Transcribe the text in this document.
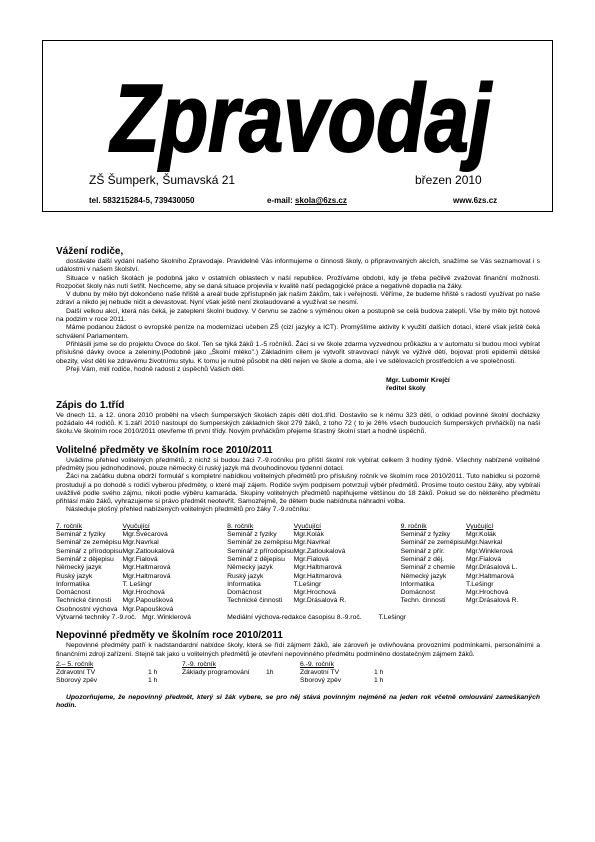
Zpravodaj
ZŠ Šumperk, Šumavská 21	březen 2010
tel. 583215284-5, 739430050	e-mail: skola@6zs.cz	www.6zs.cz
Vážení rodiče,

dostáváte další vydání našeho školního Zpravodaje. Pravidelně Vás informujeme o činnosti školy, o připravovaných akcích, snažíme se Vás seznamovat i s událostmi v našem školství.

Situace v našich školách je podobná jako v ostatních oblastech v naší republice. Prožíváme období, kdy je třeba pečlivě zvažovat finanční možnosti. Rozpočet školy nás nutí šetřit. Nechceme, aby se daná situace projevila v kvalitě naší pedagogické práce a negativně dopadla na žáky.

V dubnu by mělo být dokončeno naše hřiště a areál bude zpřístupněn jak našim žákům, tak i veřejnosti. Věříme, že budeme hřiště s radostí využívat po naše zdraví a nikdo jej nebude ničit a devastovat. Nyní však ještě není zkolaudované a využívat se nesmí.

Další velkou akcí, která nás čeká, je zateplení školní budovy. V červnu se začne s výměnou oken a postupně se celá budova zateplí. Vše by mělo být hotové na podzim v roce 2011.

Máme podanou žádost o evropské peníze na modernizaci učeben ZŠ (cizí jazyky a ICT). Promýšlíme aktivity k využití dalších dotací, které však ještě čeká schválení Parlamentem.

Přihlásili jsme se do projektu Ovoce do škol. Ten se týká žáků 1.-5 ročníků. Žáci si ve škole zdarma vyzvednou průkazku a v automatu si budou moci vybírat příslušné dávky ovoce a zeleniny.(Podobně jako „Školní mléko".) Základním cílem je vytvořit stravovací návyk ve výživě dětí, bojovat proti epidemii dětské obezity, vést děti ke zdravému životnímu stylu. K tomu je nutné působit na děti nejen ve škole a doma, ale i ve sdělovacích prostředcích a ve společnosti.

Přeji Vám, milí rodiče, hodně radosti z úspěchů Vašich dětí.

Mgr. Lubomír Krejčí
ředitel školy
Zápis do 1.tříd

Ve dnech 11. a 12. února 2010 proběhl na všech šumperských školách zápis dětí do1.tříd. Dostavilo se k němu 323 dětí, o odklad povinné školní docházky požádalo 44 rodičů. K 1.září 2010 nastoupí do šumperských základních škol 279 žáků, z toho 72 ( to je 26% všech budoucích šumperských prvňáčků) na naši školu.Ve školním roce 2010/2011 otevřeme tři první třídy. Novým prvňáčkům přejeme šťastný školní start a hodně úspěchů.

Volitelné předměty ve školním roce 2010/2011

Uvádíme přehled volitelných předmětů, z nichž si budou žáci 7.-9.ročníku pro příští školní rok vybírat celkem 3 hodiny týdně. Všechny nabízené volitelné předměty jsou jednohodinové, pouze německý či ruský jazyk má dvouhodinovou týdenní dotaci.

Žáci na začátku dubna obdrží formulář s kompletní nabídkou volitelných předmětů pro příslušný ročník ve školním roce 2010/2011. Tuto nabídku si pozorně prostudují a po dohodě s rodiči vyberou předměty, o které mají zájem. Rodiče svým podpisem potvrzují výběr předmětů. Prosíme touto cestou žáky, aby vybírali uvážlivě podle svého zájmu, nikoli podle výběru kamaráda. Skupiny volitelných předmětů naplňujeme většinou do 18 žáků. Pokud se do některého předmětu přihlásí málo žáků, vyhrazujeme si právo předmět neotevřít. Samozřejmě, že dětem bude nabídnuta náhradní volba.

Následuje plošný přehled nabízených volitelných předmětů pro žáky 7.-9.ročníku:

7. ročník	Vyučující	8. ročník	Vyučující	9. ročník	Vyučující
Seminář z fyziky	Mgr.Švécarová	Seminář z fyziky	Mgr.Kolák	Seminář z fyziky	Mgr.Kolák
Seminář ze zeměpisu	Mgr.Navrkal	Seminář ze zeměpisu	Mgr.Navrkal	Seminář ze zeměpisu	Mgr.Navrkal
Seminář z přírodopisu	Mgr.Zatloukalová	Seminář z přírodopisu	Mgr.Zatloukalová	Seminář z přír.	Mgr.Winklerová
Seminář z dějepisu	Mgr.Fialová	Seminář z dějepisu	Mgr.Fialová	Seminář z děj.	Mgr.Fialová
Německý jazyk	Mgr.Haltmarová	Německý jazyk	Mgr.Haltmarová	Seminář z chemie	Mgr.Drásalová L.
Ruský jazyk	Mgr.Haltmarová	Ruský jazyk	Mgr.Haltmarová	Německý jazyk	Mgr.Haltmarová
Informatika	T. Lešingr	Informatika	T.Lešingr	Informatika	T.Lešingr
Domácnost	Mgr.Hrochová	Domácnost	Mgr.Hrochová	Domácnost	Mgr.Hrochová
Technické činnosti	Mgr.Papoušková	Technické činnosti	Mgr.Drásalová R.	Techn. činnosti	Mgr.Drásalová R.
Osobnostní výchova	Mgr.Papoušková				
Výtvarné techniky 7.-9.roč. Mgr. Winklerová		Mediální výchova-redakce časopisu 8.-9.roč. T.Lešingr			
Nepovinné předměty ve školním roce 2010/2011

Nepovinné předměty patří k nadstandardní nabídce školy, která se řídí zájmem žáků, ale zároveň je ovlivňována provozními podmínkami, personálními a finančními zdroji zařízení. Stejně tak jako u volitelných předmětů je otevření nepovinného předmětu podmíněno dostatečným zájmem žáků.

2.– 5. ročník		7.-9. ročník		6.-9. ročník	
Zdravotní TV	1 h	Základy programování	1h	Zdravotní TV	1 h
Sborový zpěv	1 h			Sborový zpěv	1 h

Upozorňujeme, že nepovinný předmět, který si žák vybere, se pro něj stává povinným nejméně na jeden rok včetně omlouvání zameškaných hodin.
